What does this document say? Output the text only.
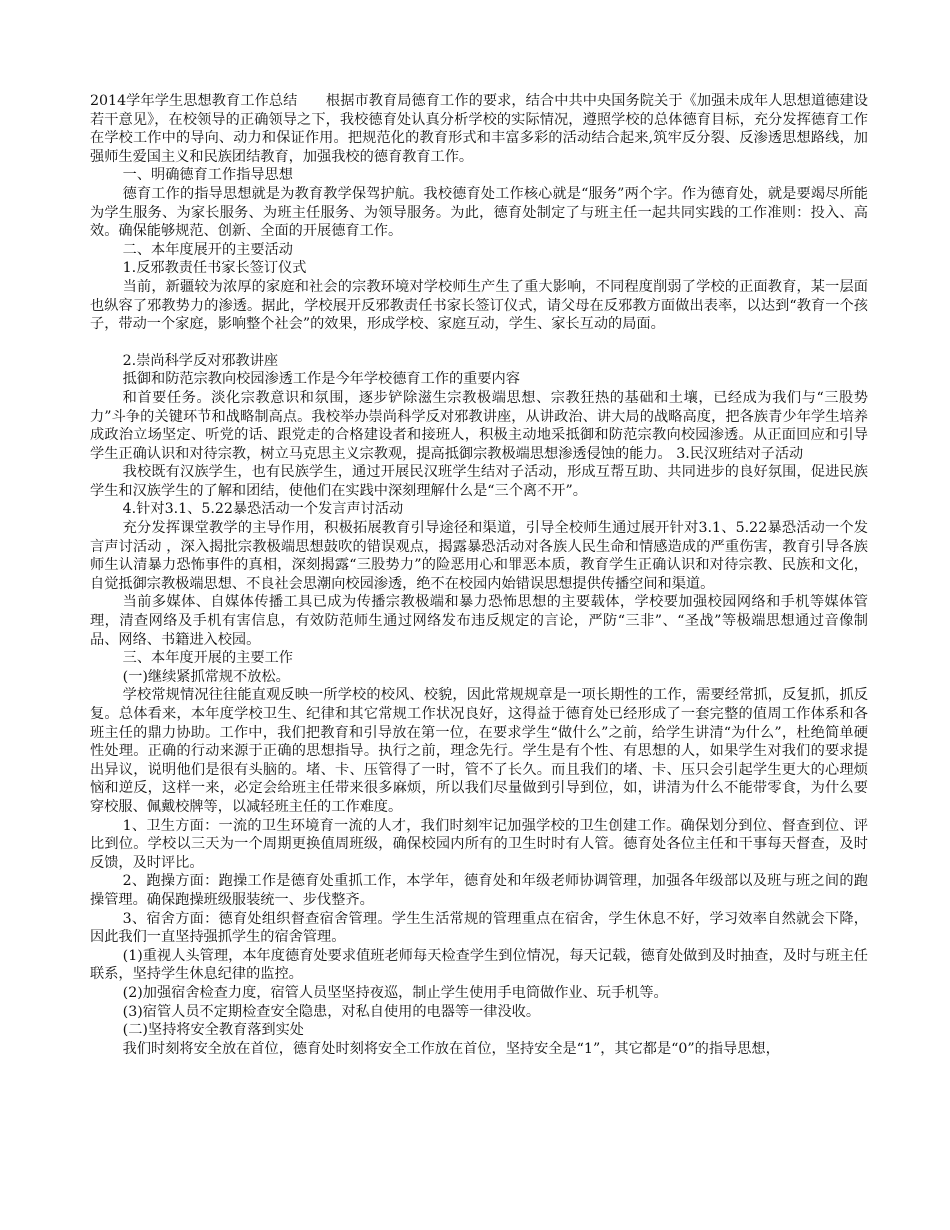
2014学年学生思想教育工作总结　　根据市教育局德育工作的要求，结合中共中央国务院关于《加强未成年人思想道德建设若干意见》，在校领导的正确领导之下，我校德育处认真分析学校的实际情况，遵照学校的总体德育目标，充分发挥德育工作在学校工作中的导向、动力和保证作用。把规范化的教育形式和丰富多彩的活动结合起来,筑牢反分裂、反渗透思想路线，加强师生爱国主义和民族团结教育，加强我校的德育教育工作。

一、明确德育工作指导思想

德育工作的指导思想就是为教育教学保驾护航。我校德育处工作核心就是“服务”两个字。作为德育处，就是要竭尽所能为学生服务、为家长服务、为班主任服务、为领导服务。为此，德育处制定了与班主任一起共同实践的工作准则：投入、高效。确保能够规范、创新、全面的开展德育工作。

二、本年度展开的主要活动

1.反邪教责任书家长签订仪式

当前，新疆较为浓厚的家庭和社会的宗教环境对学校师生产生了重大影响，不同程度削弱了学校的正面教育，某一层面也纵容了邪教势力的渗透。据此，学校展开反邪教责任书家长签订仪式，请父母在反邪教方面做出表率，以达到“教育一个孩子，带动一个家庭，影响整个社会”的效果，形成学校、家庭互动，学生、家长互动的局面。

2.崇尚科学反对邪教讲座

抵御和防范宗教向校园渗透工作是今年学校德育工作的重要内容

和首要任务。淡化宗教意识和氛围，逐步铲除滋生宗教极端思想、宗教狂热的基础和土壤，已经成为我们与“三股势力”斗争的关键环节和战略制高点。我校举办崇尚科学反对邪教讲座，从讲政治、讲大局的战略高度，把各族青少年学生培养成政治立场坚定、听党的话、跟党走的合格建设者和接班人，积极主动地采抵御和防范宗教向校园渗透。从正面回应和引导学生正确认识和对待宗教，树立马克思主义宗教观，提高抵御宗教极端思想渗透侵蚀的能力。 3.民汉班结对子活动

我校既有汉族学生，也有民族学生，通过开展民汉班学生结对子活动，形成互帮互助、共同进步的良好氛围，促进民族学生和汉族学生的了解和团结，使他们在实践中深刻理解什么是“三个离不开”。

4.针对3.1、5.22暴恐活动一个发言声讨活动

充分发挥课堂教学的主导作用，积极拓展教育引导途径和渠道，引导全校师生通过展开针对3.1、5.22暴恐活动一个发言声讨活动 ，深入揭批宗教极端思想鼓吹的错误观点，揭露暴恐活动对各族人民生命和情感造成的严重伤害，教育引导各族师生认清暴力恐怖事件的真相，深刻揭露“三股势力”的险恶用心和罪恶本质，教育学生正确认识和对待宗教、民族和文化，自觉抵御宗教极端思想、不良社会思潮向校园渗透，绝不在校园内始错误思想提供传播空间和渠道。

当前多媒体、自媒体传播工具已成为传播宗教极端和暴力恐怖思想的主要载体，学校要加强校园网络和手机等媒体管理，清查网络及手机有害信息，有效防范师生通过网络发布违反规定的言论，严防“三非”、“圣战”等极端思想通过音像制品、网络、书籍进入校园。

三、本年度开展的主要工作

(一)继续紧抓常规不放松。

学校常规情况往往能直观反映一所学校的校风、校貌，因此常规规章是一项长期性的工作，需要经常抓，反复抓，抓反复。总体看来，本年度学校卫生、纪律和其它常规工作状况良好，这得益于德育处已经形成了一套完整的值周工作体系和各班主任的鼎力协助。工作中，我们把教育和引导放在第一位，在要求学生“做什么”之前，给学生讲清“为什么”，杜绝简单硬性处理。正确的行动来源于正确的思想指导。执行之前，理念先行。学生是有个性、有思想的人，如果学生对我们的要求提出异议，说明他们是很有头脑的。堵、卡、压管得了一时，管不了长久。而且我们的堵、卡、压只会引起学生更大的心理烦恼和逆反，这样一来，必定会给班主任带来很多麻烦，所以我们尽量做到引导到位，如，讲清为什么不能带零食，为什么要穿校服、佩戴校牌等，以减轻班主任的工作难度。

1、卫生方面：一流的卫生环境育一流的人才，我们时刻牢记加强学校的卫生创建工作。确保划分到位、督查到位、评比到位。学校以三天为一个周期更换值周班级，确保校园内所有的卫生时时有人管。德育处各位主任和干事每天督查，及时反馈，及时评比。

2、跑操方面：跑操工作是德育处重抓工作，本学年，德育处和年级老师协调管理，加强各年级部以及班与班之间的跑操管理。确保跑操班级服装统一、步伐整齐。

3、宿舍方面：德育处组织督查宿舍管理。学生生活常规的管理重点在宿舍，学生休息不好，学习效率自然就会下降，因此我们一直坚持强抓学生的宿舍管理。

(1)重视人头管理，本年度德育处要求值班老师每天检查学生到位情况，每天记载，德育处做到及时抽查，及时与班主任联系，坚持学生休息纪律的监控。

(2)加强宿舍检查力度，宿管人员坚坚持夜巡，制止学生使用手电筒做作业、玩手机等。

(3)宿管人员不定期检查安全隐患，对私自使用的电器等一律没收。

(二)坚持将安全教育落到实处

我们时刻将安全放在首位，德育处时刻将安全工作放在首位，坚持安全是“1”，其它都是“0”的指导思想，
